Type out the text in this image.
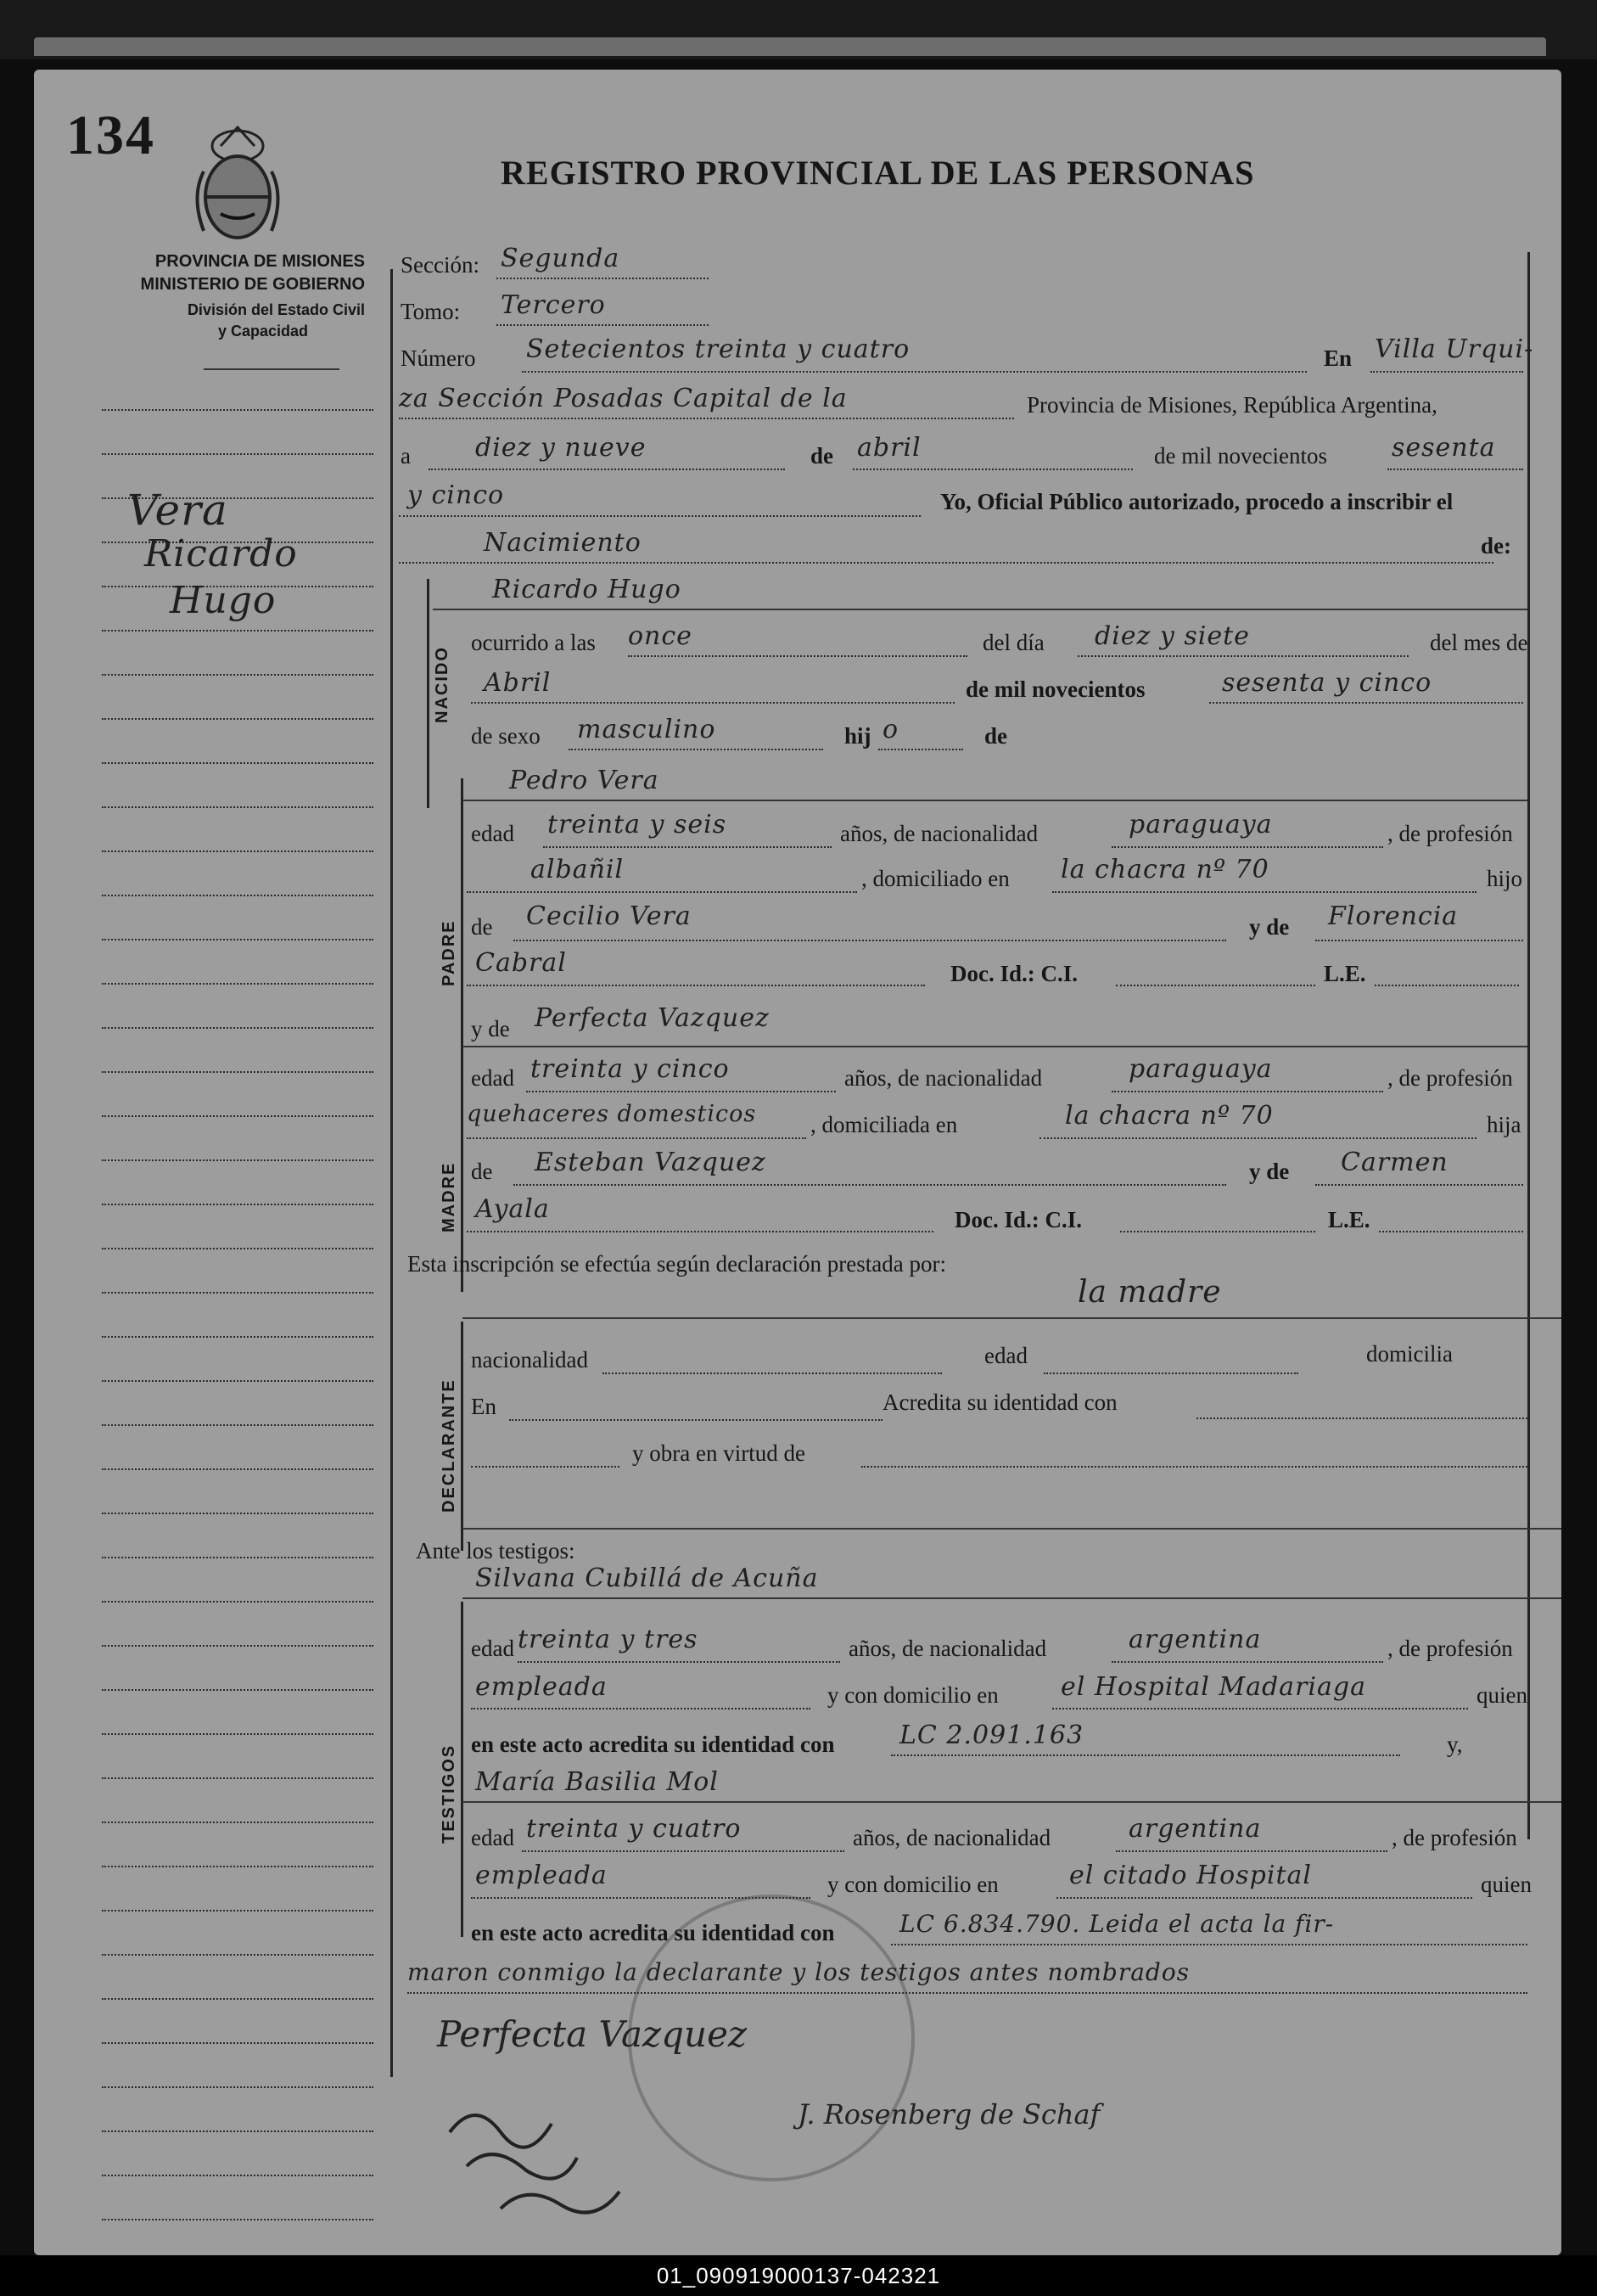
134
REGISTRO PROVINCIAL DE LAS PERSONAS
PROVINCIA DE MISIONES
MINISTERIO DE GOBIERNO
División del Estado Civil
y Capacidad
Vera
Ricardo
Hugo
Sección: Segunda
Tomo: Tercero
Número Setecientos treinta y cuatro	En Villa Urqui-
za Sección Posadas Capital de la	Provincia de Misiones, República Argentina,
a	diez y nueve	de abril	de mil novecientos	sesenta
y cinco	Yo, Oficial Público autorizado, procedo a inscribir el
Nacimiento	de:
NACIDO
Ricardo Hugo
ocurrido a las once	del día diez y siete	del mes de
Abril	de mil novecientos	sesenta y cinco
de sexo masculino	hij o	de
PADRE
Pedro Vera
edad treinta y seis	años, de nacionalidad	paraguaya	, de profesión
albañil	, domiciliado en la chacra nº 70	hijo
de Cecilio Vera	y de Florencia
Cabral	Doc. Id.: C.I.	L.E.
MADRE
y de Perfecta Vazquez
edad treinta y cinco	años, de nacionalidad	paraguaya	, de profesión
quehaceres domesticos , domiciliada en	la chacra nº 70	hija
de Esteban Vazquez	y de Carmen
Ayala	Doc. Id.: C.I.	L.E.
Esta inscripción se efectúa según declaración prestada por:
la madre
DECLARANTE
nacionalidad	edad	domicilia
En	Acredita su identidad con
y obra en virtud de
Ante los testigos:
Silvana Cubillá de Acuña
TESTIGOS
edad treinta y tres	años, de nacionalidad	argentina	, de profesión
empleada	y con domicilio en el Hospital Madariaga	quien
en este acto acredita su identidad con	LC 2.091.163	y,
María Basilia Mol
edad treinta y cuatro	años, de nacionalidad	argentina	, de profesión
empleada	y con domicilio en	el citado Hospital	quien
en este acto acredita su identidad con	LC 6.834.790. Leida el acta la fir-
maron conmigo la declarante y los testigos antes nombrados
Perfecta Vazquez
J. Rosenberg de Schaf
01_090919000137-042321
